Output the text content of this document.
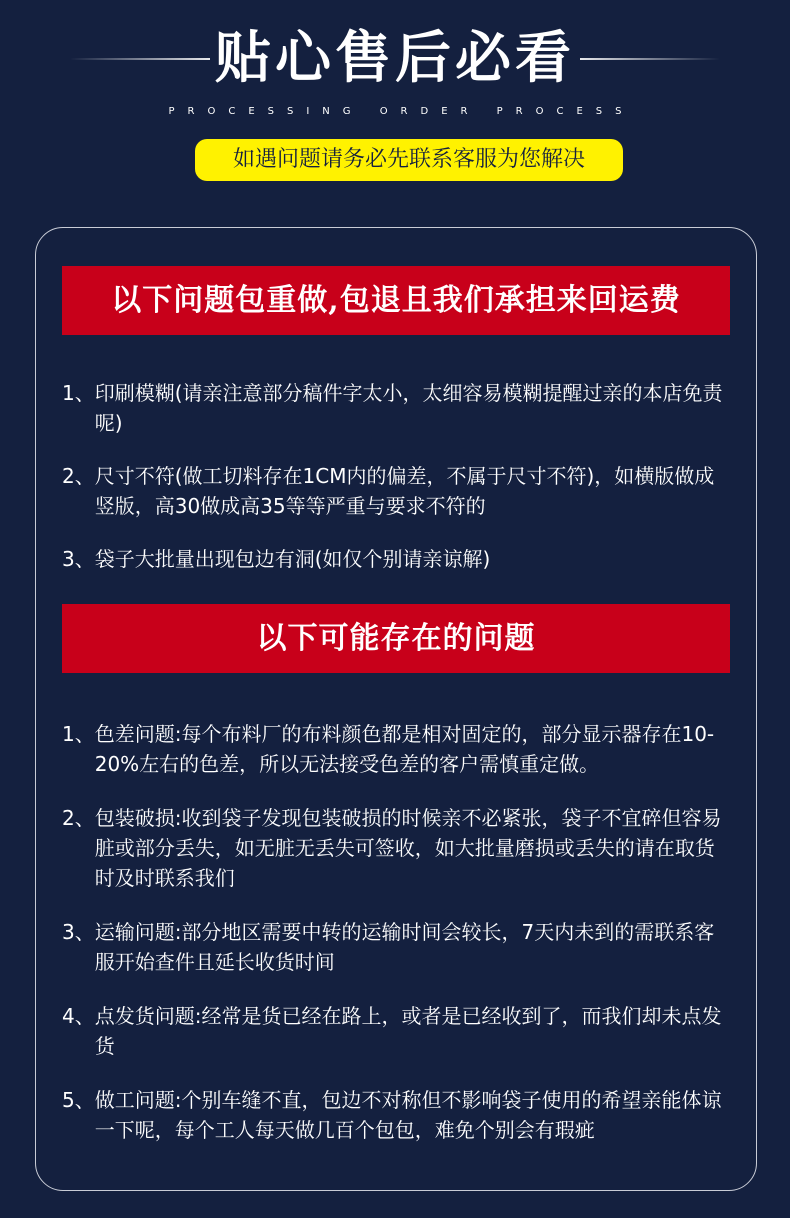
贴心售后必看
PROCESSING ORDER PROCESS
如遇问题请务必先联系客服为您解决
以下问题包重做,包退且我们承担来回运费
1、 印刷模糊(请亲注意部分稿件字太小，太细容易模糊提醒过亲的本店免责呢)
2、 尺寸不符(做工切料存在1CM内的偏差，不属于尺寸不符)，如横版做成竖版，高30做成高35等等严重与要求不符的
3、 袋子大批量出现包边有洞(如仅个别请亲谅解)
以下可能存在的问题
1、 色差问题:每个布料厂的布料颜色都是相对固定的，部分显示器存在10-20%左右的色差，所以无法接受色差的客户需慎重定做。
2、 包装破损:收到袋子发现包装破损的时候亲不必紧张，袋子不宜碎但容易脏或部分丢失，如无脏无丢失可签收，如大批量磨损或丢失的请在取货时及时联系我们
3、 运输问题:部分地区需要中转的运输时间会较长，7天内未到的需联系客服开始查件且延长收货时间
4、 点发货问题:经常是货已经在路上，或者是已经收到了，而我们却未点发货
5、 做工问题:个别车缝不直，包边不对称但不影响袋子使用的希望亲能体谅一下呢，每个工人每天做几百个包包，难免个别会有瑕疵
